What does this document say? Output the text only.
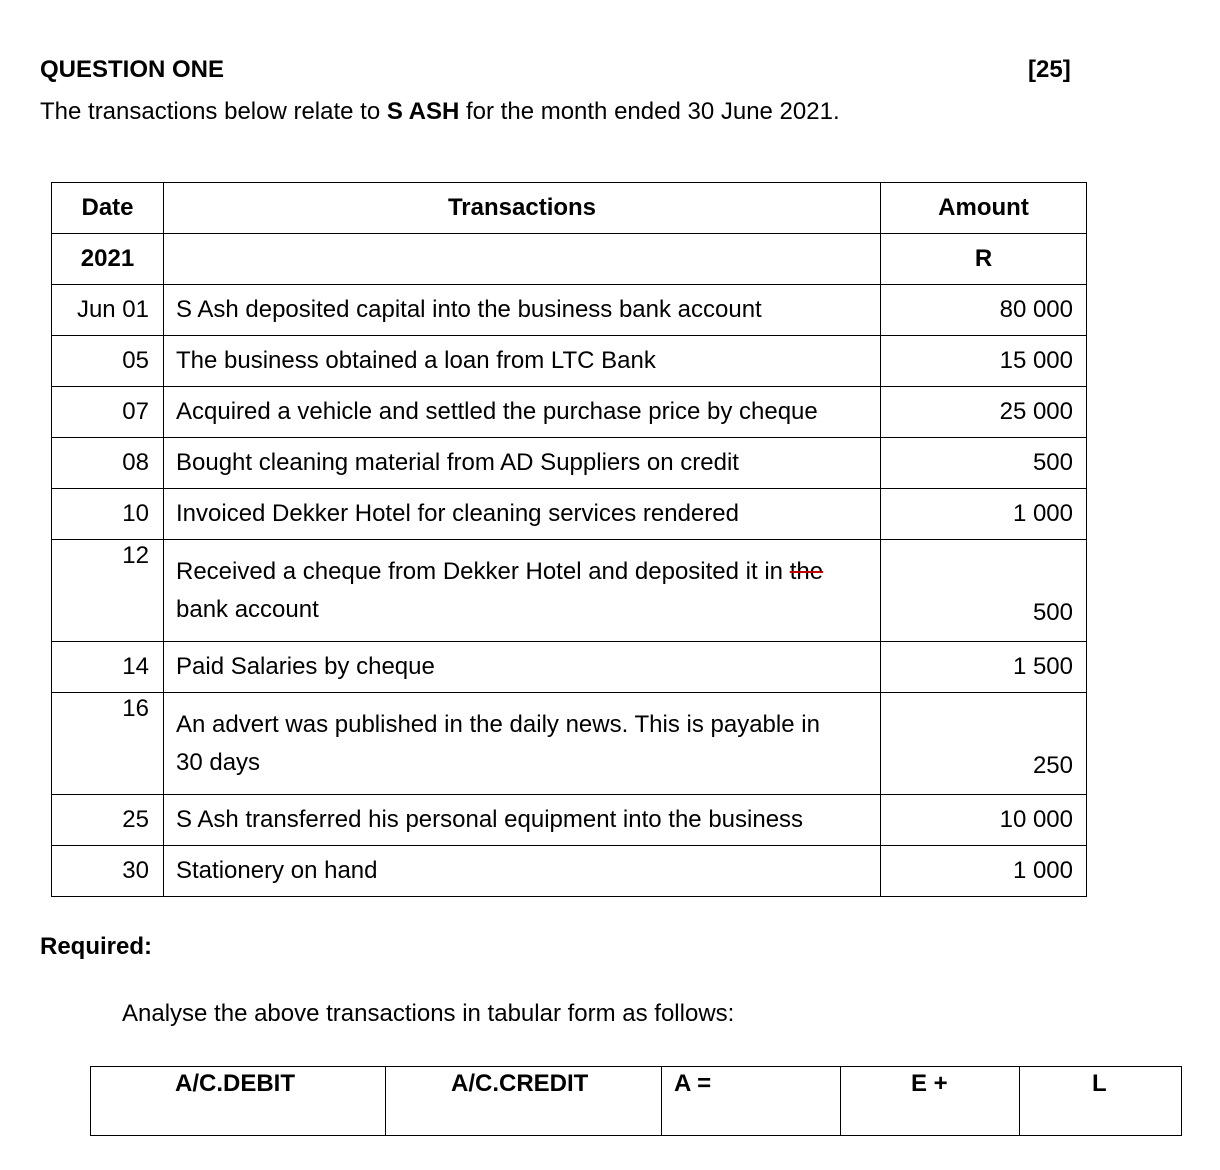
QUESTION ONE	[25]
The transactions below relate to S ASH for the month ended 30 June 2021.
Date	Transactions	Amount
2021		R
Jun 01	S Ash deposited capital into the business bank account	80 000
05	The business obtained a loan from LTC Bank	15 000
07	Acquired a vehicle and settled the purchase price by cheque	25 000
08	Bought cleaning material from AD Suppliers on credit	500
10	Invoiced Dekker Hotel for cleaning services rendered	1 000
12	Received a cheque from Dekker Hotel and deposited it in the
bank account	500
14	Paid Salaries by cheque	1 500
16	An advert was published in the daily news. This is payable in
30 days	250
25	S Ash transferred his personal equipment into the business	10 000
30	Stationery on hand	1 000
Required:
Analyse the above transactions in tabular form as follows:
A/C.DEBIT	A/C.CREDIT	A =	E +	L
